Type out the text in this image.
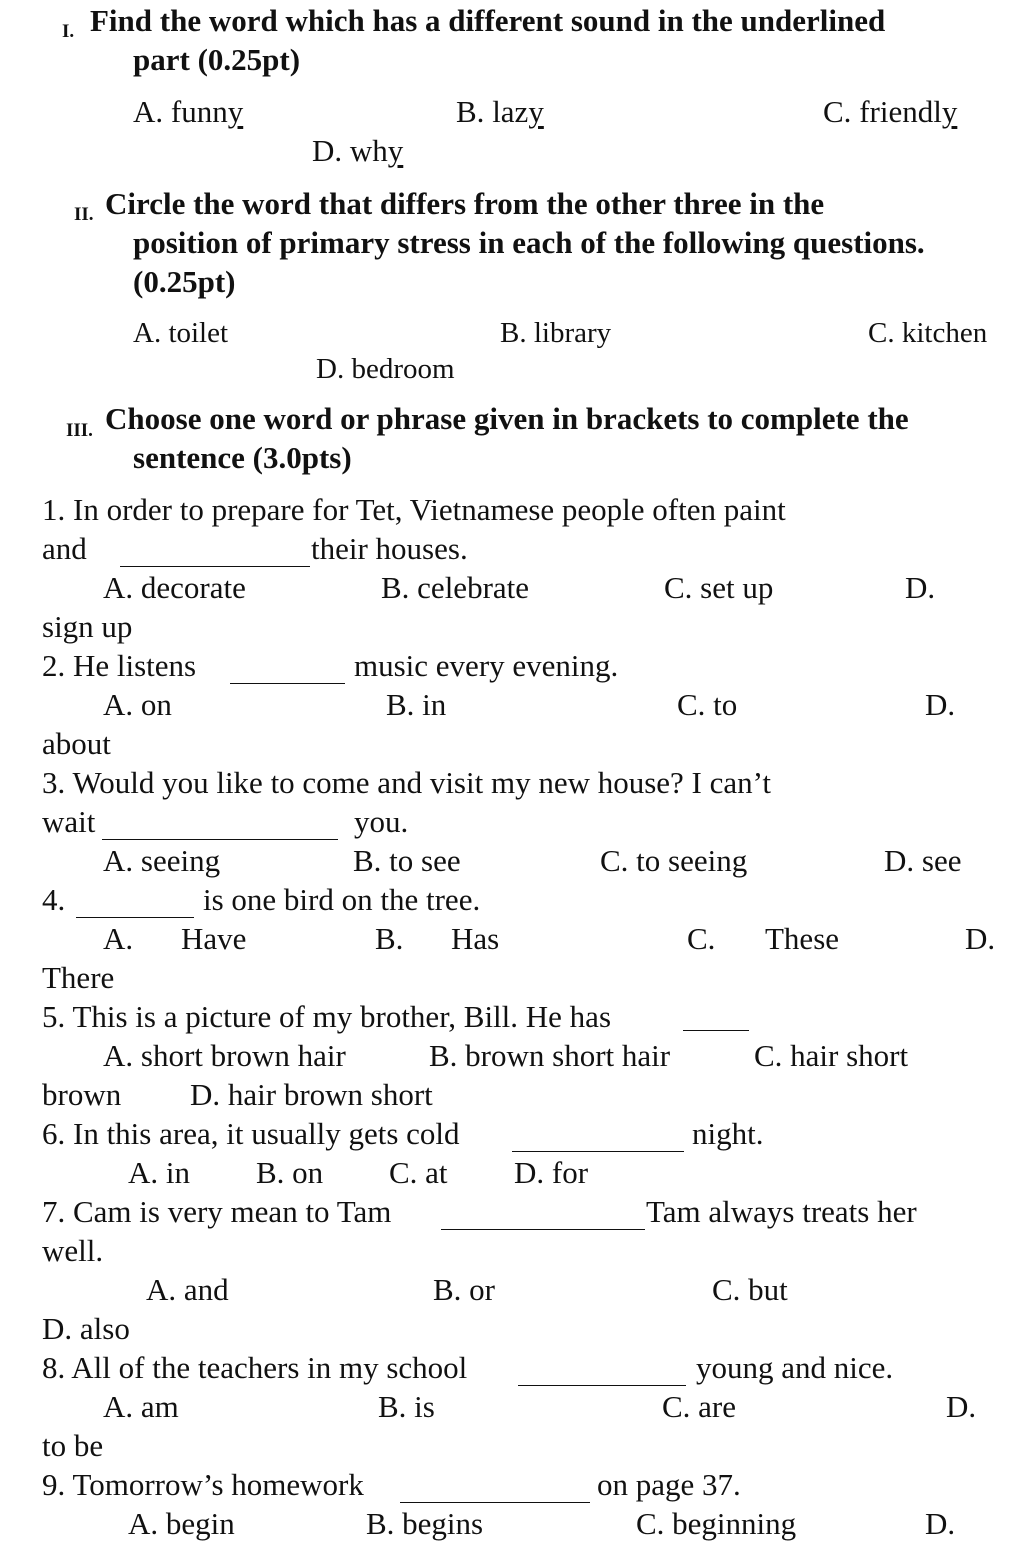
I. Find the word which has a different sound in the underlined
part (0.25pt)
A. funny	B. lazy	C. friendly
D. why
II. Circle the word that differs from the other three in the
position of primary stress in each of the following questions.
(0.25pt)
A. toilet	B. library	C. kitchen
D. bedroom
III. Choose one word or phrase given in brackets to complete the
sentence (3.0pts)
1. In order to prepare for Tet, Vietnamese people often paint
and	their houses.
A. decorate	B. celebrate	C. set up	D.
sign up
2. He listens	music every evening.
A. on	B. in	C. to	D.
about
3. Would you like to come and visit my new house? I can’t
wait	you.
A. seeing	B. to see	C. to seeing	D. see
4.	is one bird on the tree.
A. Have	B. Has	C. These	D.
There
5. This is a picture of my brother, Bill. He has
A. short brown hair	B. brown short hair	C. hair short
brown D. hair brown short
6. In this area, it usually gets cold	night.
A. in B. on C. at D. for
7. Cam is very mean to Tam	Tam always treats her
well.
A. and	B. or	C. but
D. also
8. All of the teachers in my school	young and nice.
A. am	B. is	C. are	D.
to be
9. Tomorrow’s homework	on page 37.
A. begin	B. begins	C. beginning	D.
